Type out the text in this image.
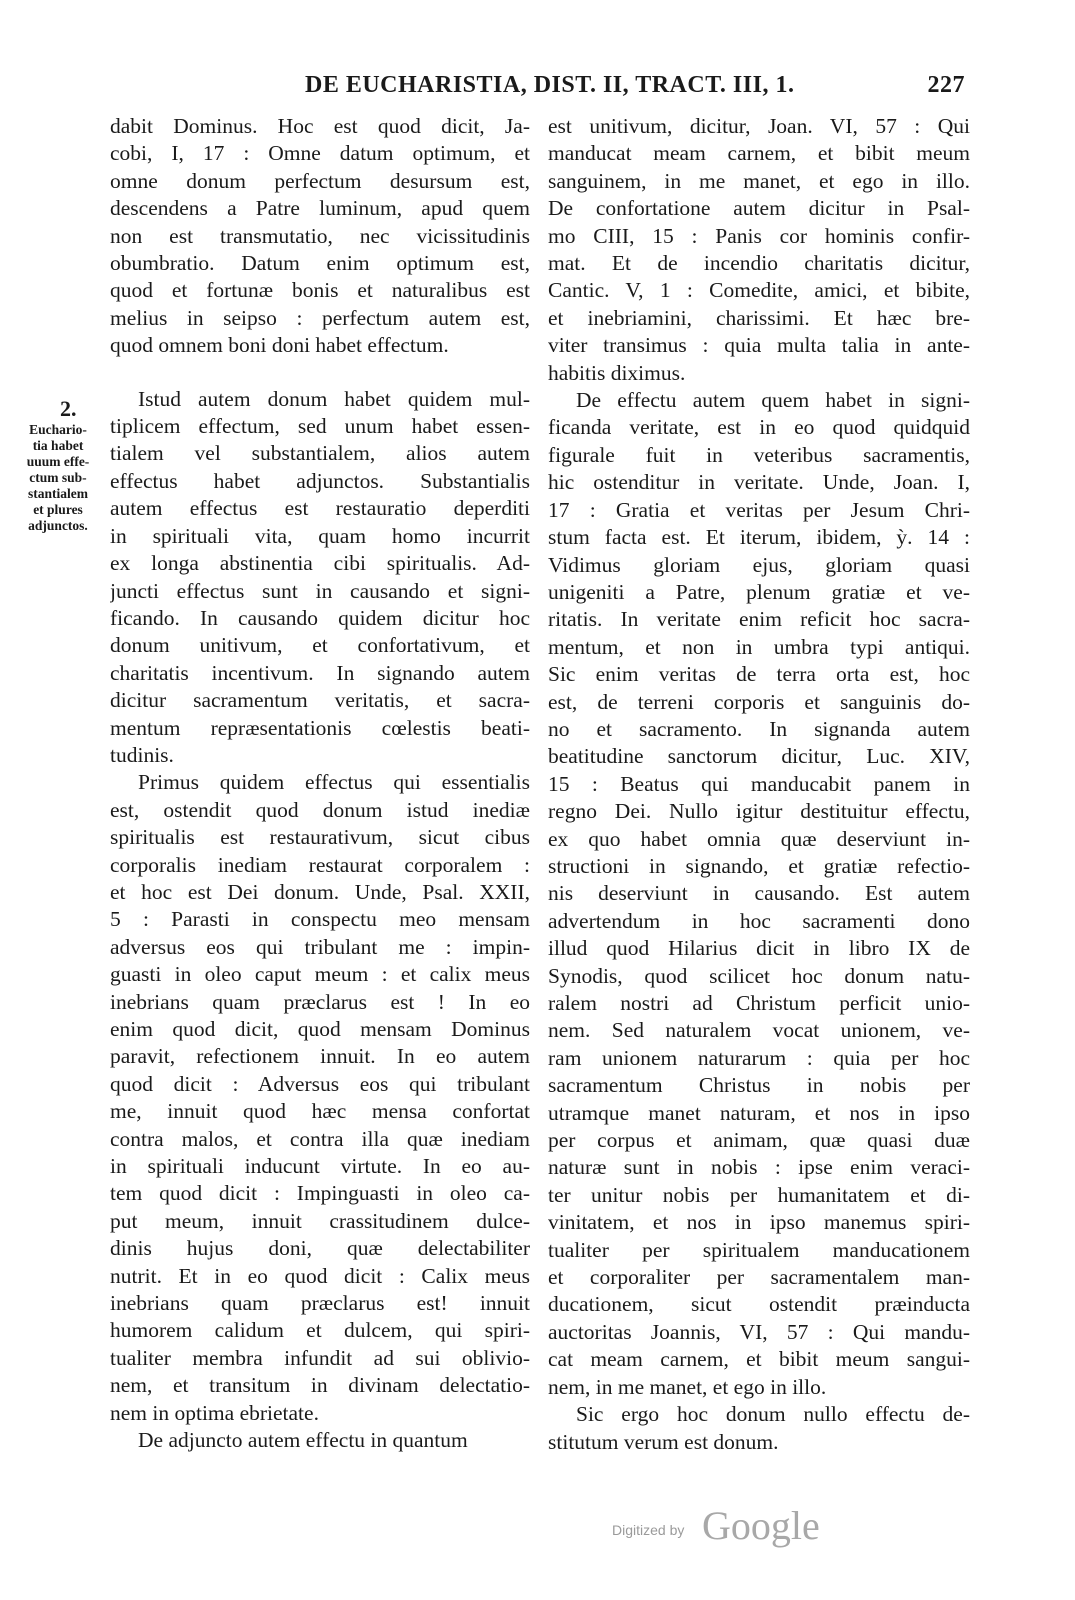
DE EUCHARISTIA, DIST. II, TRACT. III, 1.	227
2.
Euchario-
tia habet
uuum effe-
ctum sub-
stantialem
et plures
adjunctos.
dabit Dominus. Hoc est quod dicit, Ja-
cobi, I, 17 : Omne datum optimum, et
omne donum perfectum desursum est,
descendens a Patre luminum, apud quem
non est transmutatio, nec vicissitudinis
obumbratio. Datum enim optimum est,
quod et fortunæ bonis et naturalibus est
melius in seipso : perfectum autem est,
quod omnem boni doni habet effectum.
Istud autem donum habet quidem mul-
tiplicem effectum, sed unum habet essen-
tialem vel substantialem, alios autem
effectus habet adjunctos. Substantialis
autem effectus est restauratio deperditi
in spirituali vita, quam homo incurrit
ex longa abstinentia cibi spiritualis. Ad-
juncti effectus sunt in causando et signi-
ficando. In causando quidem dicitur hoc
donum unitivum, et confortativum, et
charitatis incentivum. In signando autem
dicitur sacramentum veritatis, et sacra-
mentum repræsentationis cœlestis beati-
tudinis.
Primus quidem effectus qui essentialis
est, ostendit quod donum istud inediæ
spiritualis est restaurativum, sicut cibus
corporalis inediam restaurat corporalem :
et hoc est Dei donum. Unde, Psal. XXII,
5 : Parasti in conspectu meo mensam
adversus eos qui tribulant me : impin-
guasti in oleo caput meum : et calix meus
inebrians quam præclarus est ! In eo
enim quod dicit, quod mensam Dominus
paravit, refectionem innuit. In eo autem
quod dicit : Adversus eos qui tribulant
me, innuit quod hæc mensa confortat
contra malos, et contra illa quæ inediam
in spirituali inducunt virtute. In eo au-
tem quod dicit : Impinguasti in oleo ca-
put meum, innuit crassitudinem dulce-
dinis hujus doni, quæ delectabiliter
nutrit. Et in eo quod dicit : Calix meus
inebrians quam præclarus est! innuit
humorem calidum et dulcem, qui spiri-
tualiter membra infundit ad sui oblivio-
nem, et transitum in divinam delectatio-
nem in optima ebrietate.
De adjuncto autem effectu in quantum
est unitivum, dicitur, Joan. VI, 57 : Qui
manducat meam carnem, et bibit meum
sanguinem, in me manet, et ego in illo.
De confortatione autem dicitur in Psal-
mo CIII, 15 : Panis cor hominis confir-
mat. Et de incendio charitatis dicitur,
Cantic. V, 1 : Comedite, amici, et bibite,
et inebriamini, charissimi. Et hæc bre-
viter transimus : quia multa talia in ante-
habitis diximus.
De effectu autem quem habet in signi-
ficanda veritate, est in eo quod quidquid
figurale fuit in veteribus sacramentis,
hic ostenditur in veritate. Unde, Joan. I,
17 : Gratia et veritas per Jesum Chri-
stum facta est. Et iterum, ibidem, ỳ. 14 :
Vidimus gloriam ejus, gloriam quasi
unigeniti a Patre, plenum gratiæ et ve-
ritatis. In veritate enim reficit hoc sacra-
mentum, et non in umbra typi antiqui.
Sic enim veritas de terra orta est, hoc
est, de terreni corporis et sanguinis do-
no et sacramento. In signanda autem
beatitudine sanctorum dicitur, Luc. XIV,
15 : Beatus qui manducabit panem in
regno Dei. Nullo igitur destituitur effectu,
ex quo habet omnia quæ deserviunt in-
structioni in signando, et gratiæ refectio-
nis deserviunt in causando. Est autem
advertendum in hoc sacramenti dono
illud quod Hilarius dicit in libro IX de
Synodis, quod scilicet hoc donum natu-
ralem nostri ad Christum perficit unio-
nem. Sed naturalem vocat unionem, ve-
ram unionem naturarum : quia per hoc
sacramentum Christus in nobis per
utramque manet naturam, et nos in ipso
per corpus et animam, quæ quasi duæ
naturæ sunt in nobis : ipse enim veraci-
ter unitur nobis per humanitatem et di-
vinitatem, et nos in ipso manemus spiri-
tualiter per spiritualem manducationem
et corporaliter per sacramentalem man-
ducationem, sicut ostendit præinducta
auctoritas Joannis, VI, 57 : Qui mandu-
cat meam carnem, et bibit meum sangui-
nem, in me manet, et ego in illo.
Sic ergo hoc donum nullo effectu de-
stitutum verum est donum.
Digitized by Google
